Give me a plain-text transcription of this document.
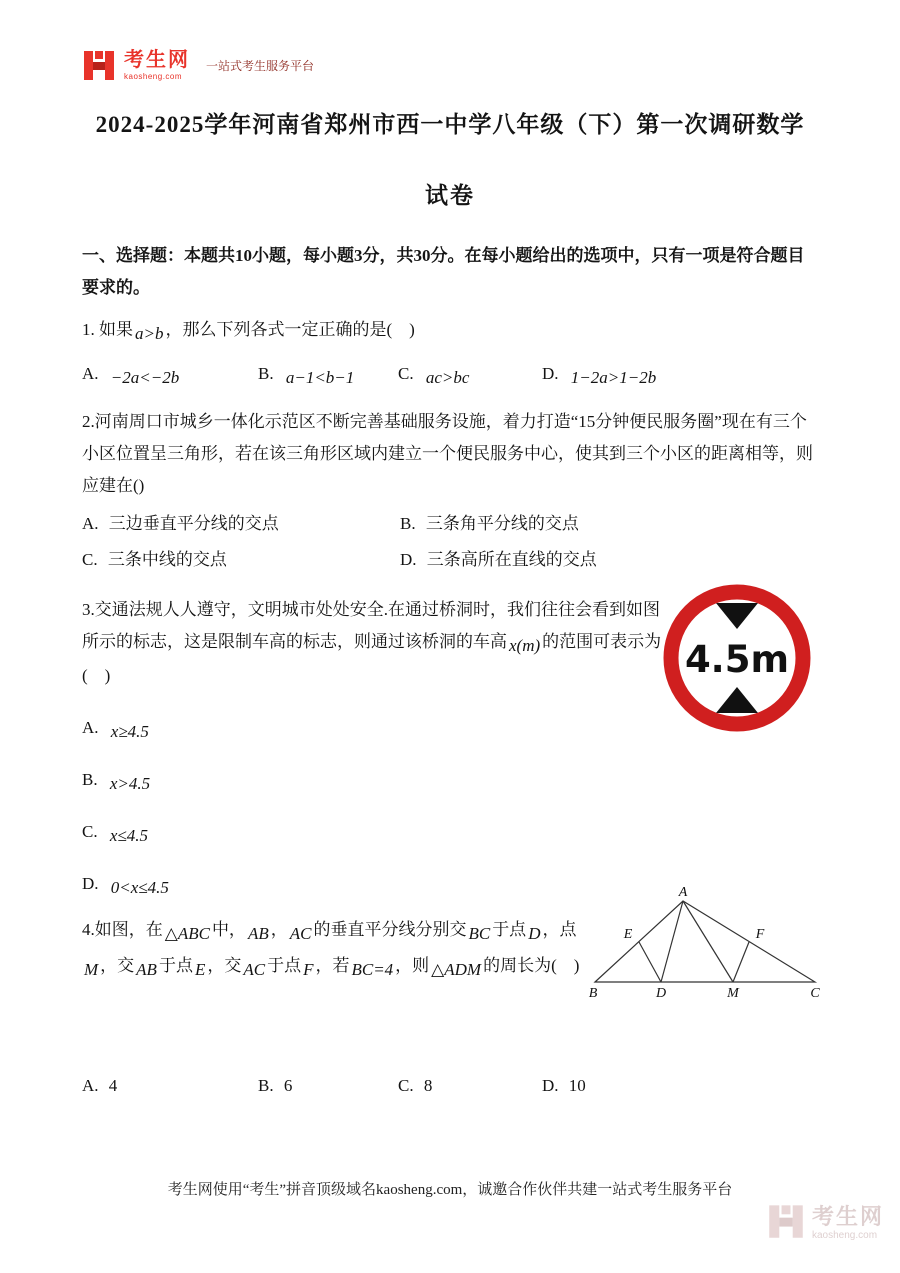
考生网
kaosheng.com
一站式考生服务平台
2024-2025学年河南省郑州市西一中学八年级（下）第一次调研数学
试卷

一、选择题：本题共10小题，每小题3分，共30分。在每小题给出的选项中，只有一项是符合题目要求的。

1. 如果 a>b ，那么下列各式一定正确的是(　)

A. −2a<−2b	B. a−1<b−1	C. ac>bc	D. 1−2a>1−2b

2.河南周口市城乡一体化示范区不断完善基础服务设施，着力打造“15分钟便民服务圈”现在有三个小区位置呈三角形，若在该三角形区域内建立一个便民服务中心，使其到三个小区的距离相等，则应建在()

A. 三边垂直平分线的交点	B. 三条角平分线的交点
C. 三条中线的交点	D. 三条高所在直线的交点

3.交通法规人人遵守，文明城市处处安全.在通过桥洞时，我们往往会看到如图所示的标志，这是限制车高的标志，则通过该桥洞的车高 x(m) 的范围可表示为

(　)
A. x≥4.5
B. x>4.5
C. x≤4.5
D. 0<x≤4.5

4.如图，在 △ABC 中， AB ， AC 的垂直平分线分别交 BC 于点 D ，点M ，交 AB 于点 E ，交 AC 于点 F ，若 BC=4 ，则 △ADM 的周长为(　)

A. 4	B. 6	C. 8	D. 10
4.5m
A
B	C
D	M
E	F
考生网使用“考生”拼音顶级域名kaosheng.com，诚邀合作伙伴共建一站式考生服务平台
考生网
kaosheng.com
